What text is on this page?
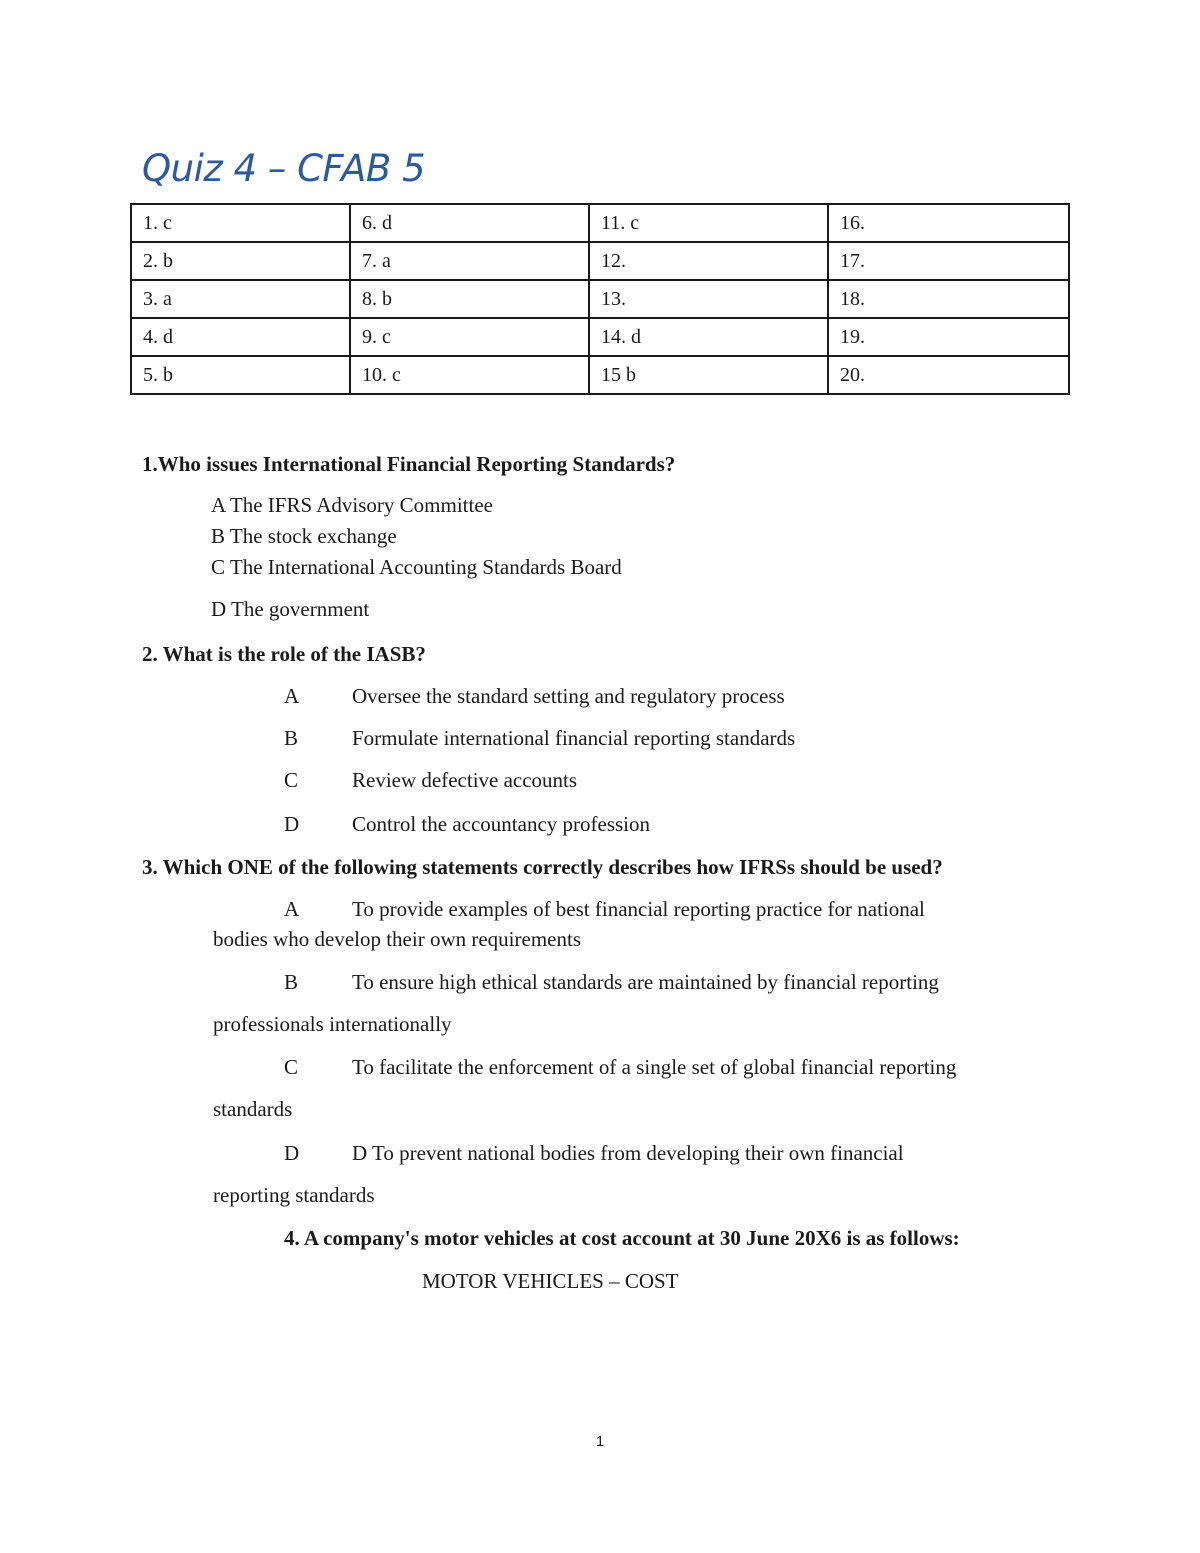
Quiz 4 – CFAB 5
1. c	6. d	11. c	16.
2. b	7. a	12.	17.
3. a	8. b	13.	18.
4. d	9. c	14. d	19.
5. b	10. c	15 b	20.
1.Who issues International Financial Reporting Standards?
A The IFRS Advisory Committee
B The stock exchange
C The International Accounting Standards Board
D The government
2. What is the role of the IASB?
A	Oversee the standard setting and regulatory process
B	Formulate international financial reporting standards
C	Review defective accounts
D	Control the accountancy profession
3. Which ONE of the following statements correctly describes how IFRSs should be used?
A	To provide examples of best financial reporting practice for national
bodies who develop their own requirements
B	To ensure high ethical standards are maintained by financial reporting
professionals internationally
C	To facilitate the enforcement of a single set of global financial reporting
standards
D	D To prevent national bodies from developing their own financial
reporting standards
4. A company's motor vehicles at cost account at 30 June 20X6 is as follows:
MOTOR VEHICLES – COST
1
